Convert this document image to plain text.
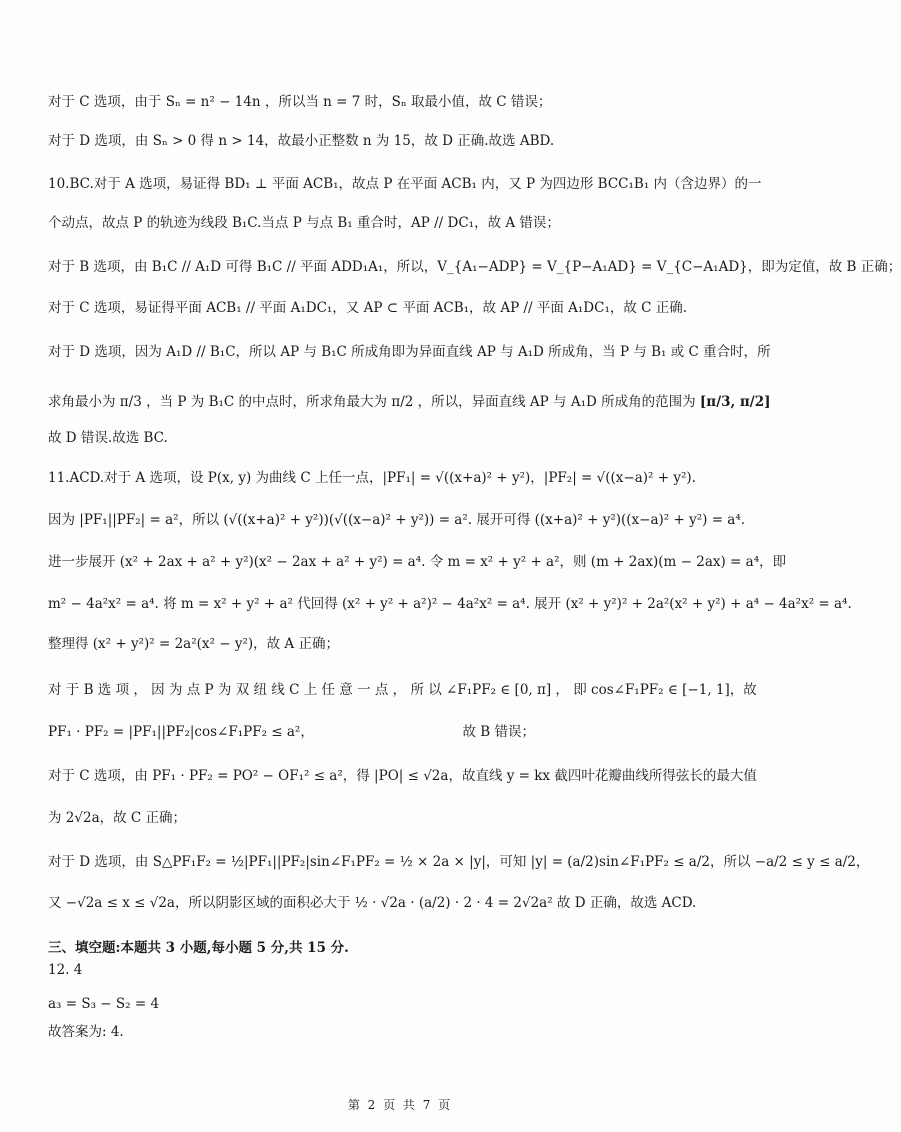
对于 C 选项，由于 Sₙ = n² − 14n ，所以当 n = 7 时，Sₙ 取最小值，故 C 错误；
对于 D 选项，由 Sₙ > 0 得 n > 14，故最小正整数 n 为 15，故 D 正确.故选 ABD.
10.BC.对于 A 选项，易证得 BD₁ ⊥ 平面 ACB₁，故点 P 在平面 ACB₁ 内，又 P 为四边形 BCC₁B₁ 内（含边界）的一
个动点，故点 P 的轨迹为线段 B₁C.当点 P 与点 B₁ 重合时，AP // DC₁，故 A 错误；
对于 B 选项，由 B₁C // A₁D 可得 B₁C // 平面 ADD₁A₁，所以，V_{A₁−ADP} = V_{P−A₁AD} = V_{C−A₁AD}，即为定值，故 B 正确；
对于 C 选项，易证得平面 ACB₁ // 平面 A₁DC₁，又 AP ⊂ 平面 ACB₁，故 AP // 平面 A₁DC₁，故 C 正确.
对于 D 选项，因为 A₁D // B₁C，所以 AP 与 B₁C 所成角即为异面直线 AP 与 A₁D 所成角，当 P 与 B₁ 或 C 重合时，所
求角最小为 π/3 ，当 P 为 B₁C 的中点时，所求角最大为 π/2 ，所以，异面直线 AP 与 A₁D 所成角的范围为 [π/3, π/2]
故 D 错误.故选 BC.
11.ACD.对于 A 选项，设 P(x, y) 为曲线 C 上任一点，|PF₁| = √((x+a)² + y²)，|PF₂| = √((x−a)² + y²).
因为 |PF₁||PF₂| = a²，所以 (√((x+a)² + y²))(√((x−a)² + y²)) = a². 展开可得 ((x+a)² + y²)((x−a)² + y²) = a⁴.
进一步展开 (x² + 2ax + a² + y²)(x² − 2ax + a² + y²) = a⁴. 令 m = x² + y² + a²，则 (m + 2ax)(m − 2ax) = a⁴，即
m² − 4a²x² = a⁴. 将 m = x² + y² + a² 代回得 (x² + y² + a²)² − 4a²x² = a⁴. 展开 (x² + y²)² + 2a²(x² + y²) + a⁴ − 4a²x² = a⁴.
整理得 (x² + y²)² = 2a²(x² − y²)，故 A 正确；
对 于 B 选 项 ， 因 为 点 P 为 双 纽 线 C 上 任 意 一 点 ， 所 以 ∠F₁PF₂ ∈ [0, π] ， 即 cos∠F₁PF₂ ∈ [−1, 1]，故
PF₁ · PF₂ = |PF₁||PF₂|cos∠F₁PF₂ ≤ a²，	故 B 错误；
对于 C 选项，由 PF₁ · PF₂ = PO² − OF₁² ≤ a²，得 |PO| ≤ √2a，故直线 y = kx 截四叶花瓣曲线所得弦长的最大值
为 2√2a，故 C 正确；
对于 D 选项，由 S△PF₁F₂ = ½|PF₁||PF₂|sin∠F₁PF₂ = ½ × 2a × |y|，可知 |y| = (a/2)sin∠F₁PF₂ ≤ a/2，所以 −a/2 ≤ y ≤ a/2，
又 −√2a ≤ x ≤ √2a，所以阴影区域的面积必大于 ½ · √2a · (a/2) · 2 · 4 = 2√2a² 故 D 正确，故选 ACD.
三、填空题:本题共 3 小题,每小题 5 分,共 15 分.
12. 4
a₃ = S₃ − S₂ = 4
故答案为: 4.
第 2 页 共 7 页
